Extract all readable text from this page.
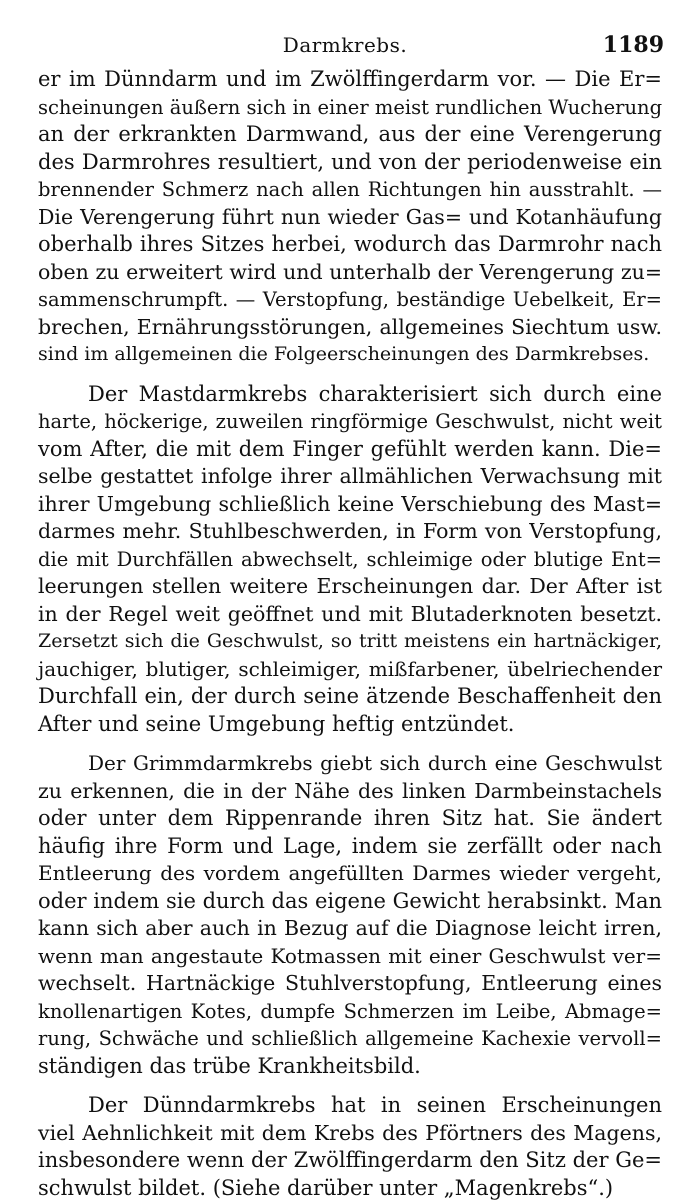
Darmkrebs.	1189
er im Dünndarm und im Zwölffingerdarm vor. — Die Er=
scheinungen äußern sich in einer meist rundlichen Wucherung
an der erkrankten Darmwand, aus der eine Verengerung
des Darmrohres resultiert, und von der periodenweise ein
brennender Schmerz nach allen Richtungen hin ausstrahlt. —
Die Verengerung führt nun wieder Gas= und Kotanhäufung
oberhalb ihres Sitzes herbei, wodurch das Darmrohr nach
oben zu erweitert wird und unterhalb der Verengerung zu=
sammenschrumpft. — Verstopfung, beständige Uebelkeit, Er=
brechen, Ernährungsstörungen, allgemeines Siechtum usw.
sind im allgemeinen die Folgeerscheinungen des Darmkrebses.
Der Mastdarmkrebs charakterisiert sich durch eine
harte, höckerige, zuweilen ringförmige Geschwulst, nicht weit
vom After, die mit dem Finger gefühlt werden kann. Die=
selbe gestattet infolge ihrer allmählichen Verwachsung mit
ihrer Umgebung schließlich keine Verschiebung des Mast=
darmes mehr. Stuhlbeschwerden, in Form von Verstopfung,
die mit Durchfällen abwechselt, schleimige oder blutige Ent=
leerungen stellen weitere Erscheinungen dar. Der After ist
in der Regel weit geöffnet und mit Blutaderknoten besetzt.
Zersetzt sich die Geschwulst, so tritt meistens ein hartnäckiger,
jauchiger, blutiger, schleimiger, mißfarbener, übelriechender
Durchfall ein, der durch seine ätzende Beschaffenheit den
After und seine Umgebung heftig entzündet.
Der Grimmdarmkrebs giebt sich durch eine Geschwulst
zu erkennen, die in der Nähe des linken Darmbeinstachels
oder unter dem Rippenrande ihren Sitz hat. Sie ändert
häufig ihre Form und Lage, indem sie zerfällt oder nach
Entleerung des vordem angefüllten Darmes wieder vergeht,
oder indem sie durch das eigene Gewicht herabsinkt. Man
kann sich aber auch in Bezug auf die Diagnose leicht irren,
wenn man angestaute Kotmassen mit einer Geschwulst ver=
wechselt. Hartnäckige Stuhlverstopfung, Entleerung eines
knollenartigen Kotes, dumpfe Schmerzen im Leibe, Abmage=
rung, Schwäche und schließlich allgemeine Kachexie vervoll=
ständigen das trübe Krankheitsbild.
Der Dünndarmkrebs hat in seinen Erscheinungen
viel Aehnlichkeit mit dem Krebs des Pförtners des Magens,
insbesondere wenn der Zwölffingerdarm den Sitz der Ge=
schwulst bildet. (Siehe darüber unter „Magenkrebs“.)
